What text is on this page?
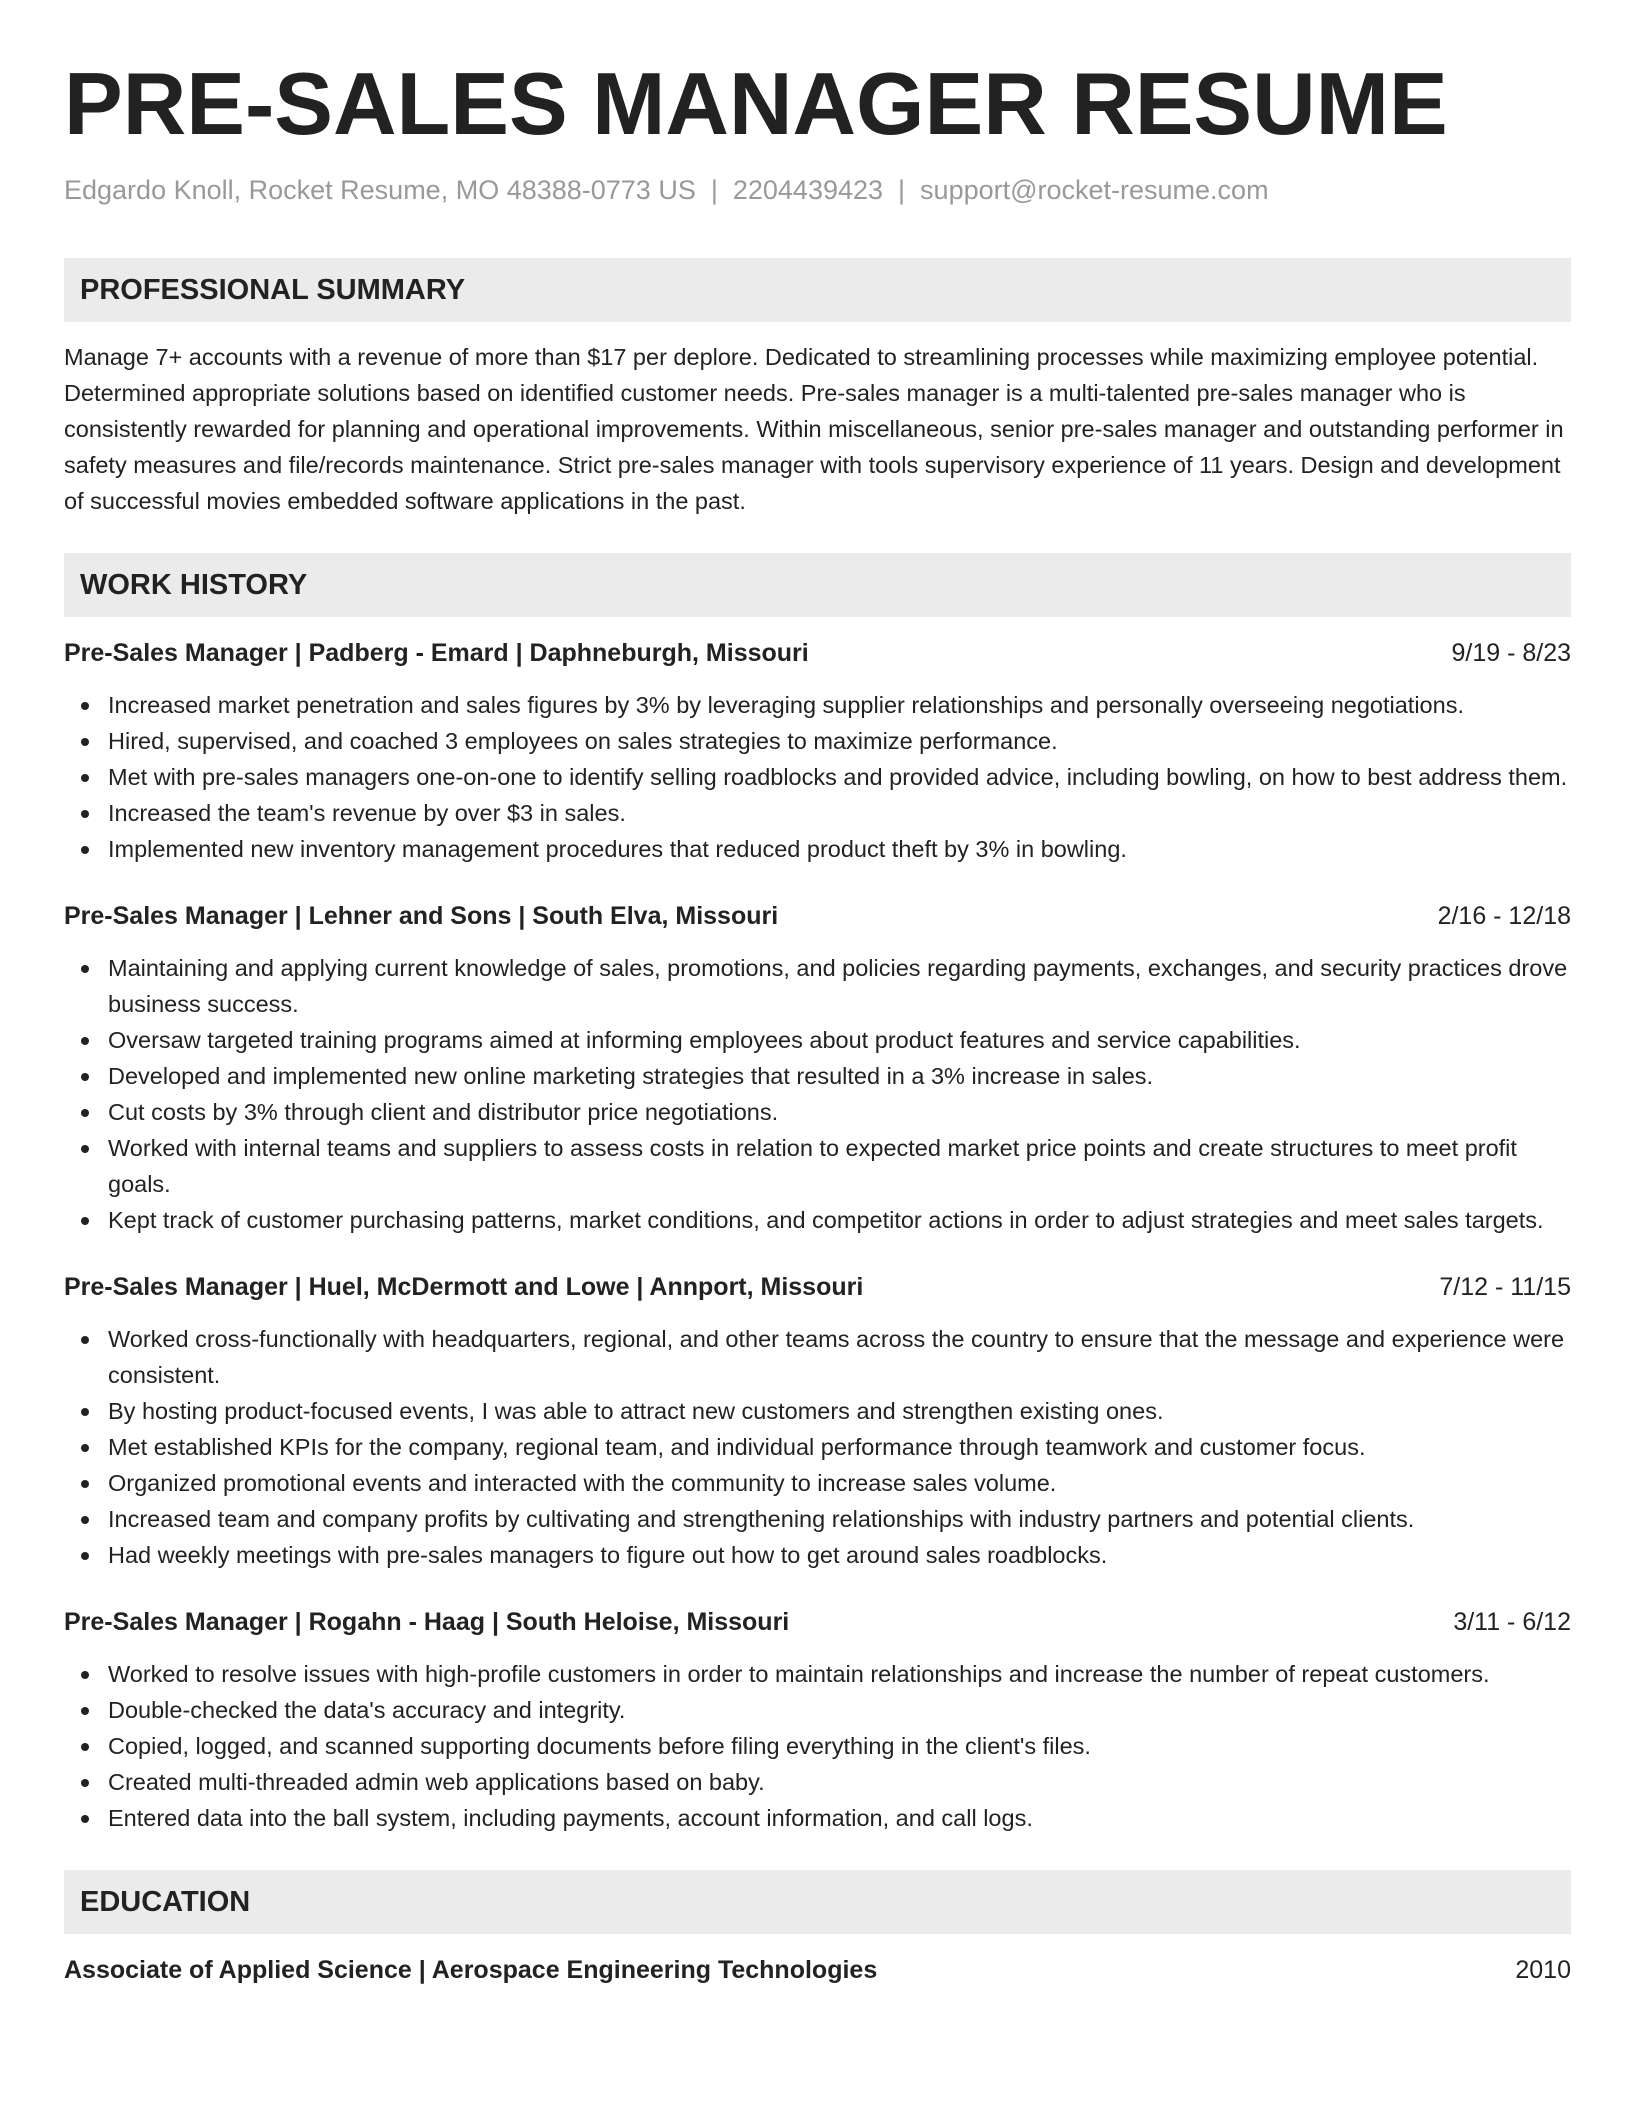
PRE-SALES MANAGER RESUME
Edgardo Knoll, Rocket Resume, MO 48388-0773 US | 2204439423 | support@rocket-resume.com
PROFESSIONAL SUMMARY
Manage 7+ accounts with a revenue of more than $17 per deplore. Dedicated to streamlining processes while maximizing employee potential. Determined appropriate solutions based on identified customer needs. Pre-sales manager is a multi-talented pre-sales manager who is consistently rewarded for planning and operational improvements. Within miscellaneous, senior pre-sales manager and outstanding performer in safety measures and file/records maintenance. Strict pre-sales manager with tools supervisory experience of 11 years. Design and development of successful movies embedded software applications in the past.
WORK HISTORY
Pre-Sales Manager | Padberg - Emard | Daphneburgh, Missouri	9/19 - 8/23
Increased market penetration and sales figures by 3% by leveraging supplier relationships and personally overseeing negotiations.
Hired, supervised, and coached 3 employees on sales strategies to maximize performance.
Met with pre-sales managers one-on-one to identify selling roadblocks and provided advice, including bowling, on how to best address them.
Increased the team's revenue by over $3 in sales.
Implemented new inventory management procedures that reduced product theft by 3% in bowling.
Pre-Sales Manager | Lehner and Sons | South Elva, Missouri	2/16 - 12/18
Maintaining and applying current knowledge of sales, promotions, and policies regarding payments, exchanges, and security practices drove business success.
Oversaw targeted training programs aimed at informing employees about product features and service capabilities.
Developed and implemented new online marketing strategies that resulted in a 3% increase in sales.
Cut costs by 3% through client and distributor price negotiations.
Worked with internal teams and suppliers to assess costs in relation to expected market price points and create structures to meet profit goals.
Kept track of customer purchasing patterns, market conditions, and competitor actions in order to adjust strategies and meet sales targets.
Pre-Sales Manager | Huel, McDermott and Lowe | Annport, Missouri	7/12 - 11/15
Worked cross-functionally with headquarters, regional, and other teams across the country to ensure that the message and experience were consistent.
By hosting product-focused events, I was able to attract new customers and strengthen existing ones.
Met established KPIs for the company, regional team, and individual performance through teamwork and customer focus.
Organized promotional events and interacted with the community to increase sales volume.
Increased team and company profits by cultivating and strengthening relationships with industry partners and potential clients.
Had weekly meetings with pre-sales managers to figure out how to get around sales roadblocks.
Pre-Sales Manager | Rogahn - Haag | South Heloise, Missouri	3/11 - 6/12
Worked to resolve issues with high-profile customers in order to maintain relationships and increase the number of repeat customers.
Double-checked the data's accuracy and integrity.
Copied, logged, and scanned supporting documents before filing everything in the client's files.
Created multi-threaded admin web applications based on baby.
Entered data into the ball system, including payments, account information, and call logs.
EDUCATION
Associate of Applied Science | Aerospace Engineering Technologies	2010
